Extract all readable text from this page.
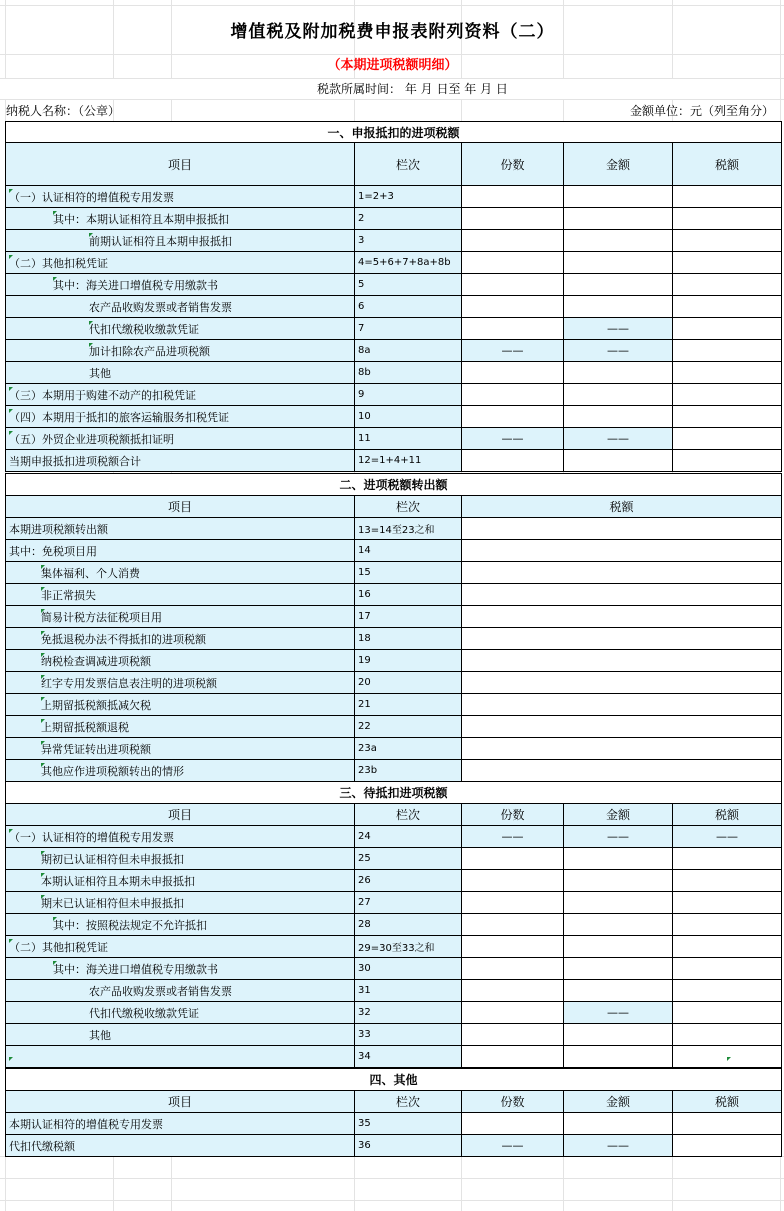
增值税及附加税费申报表附列资料（二）
（本期进项税额明细）
税款所属时间： 年 月 日至 年 月 日
纳税人名称：（公章）	金额单位：元（列至角分）
一、申报抵扣的进项税额				
项目	栏次	份数	金额	税额
（一）认证相符的增值税专用发票	1=2+3			
其中：本期认证相符且本期申报抵扣	2			
前期认证相符且本期申报抵扣	3			
（二）其他扣税凭证	4=5+6+7+8a+8b			
其中：海关进口增值税专用缴款书	5			
农产品收购发票或者销售发票	6			
代扣代缴税收缴款凭证	7		——	
加计扣除农产品进项税额	8a	——	——	
其他	8b			
（三）本期用于购建不动产的扣税凭证	9			
（四）本期用于抵扣的旅客运输服务扣税凭证	10			
（五）外贸企业进项税额抵扣证明	11	——	——	
当期申报抵扣进项税额合计	12=1+4+11			
二、进项税额转出额		
项目	栏次	税额
本期进项税额转出额	13=14至23之和	
其中：免税项目用	14	
集体福利、个人消费	15	
非正常损失	16	
简易计税方法征税项目用	17	
免抵退税办法不得抵扣的进项税额	18	
纳税检查调减进项税额	19	
红字专用发票信息表注明的进项税额	20	
上期留抵税额抵减欠税	21	
上期留抵税额退税	22	
异常凭证转出进项税额	23a	
其他应作进项税额转出的情形	23b	
三、待抵扣进项税额				
项目	栏次	份数	金额	税额
（一）认证相符的增值税专用发票	24	——	——	——
期初已认证相符但未申报抵扣	25			
本期认证相符且本期未申报抵扣	26			
期末已认证相符但未申报抵扣	27			
其中：按照税法规定不允许抵扣	28			
（二）其他扣税凭证	29=30至33之和			
其中：海关进口增值税专用缴款书	30			
农产品收购发票或者销售发票	31			
代扣代缴税收缴款凭证	32		——	
其他	33			
	34			
四、其他				
项目	栏次	份数	金额	税额
本期认证相符的增值税专用发票	35			
代扣代缴税额	36	——	——	
